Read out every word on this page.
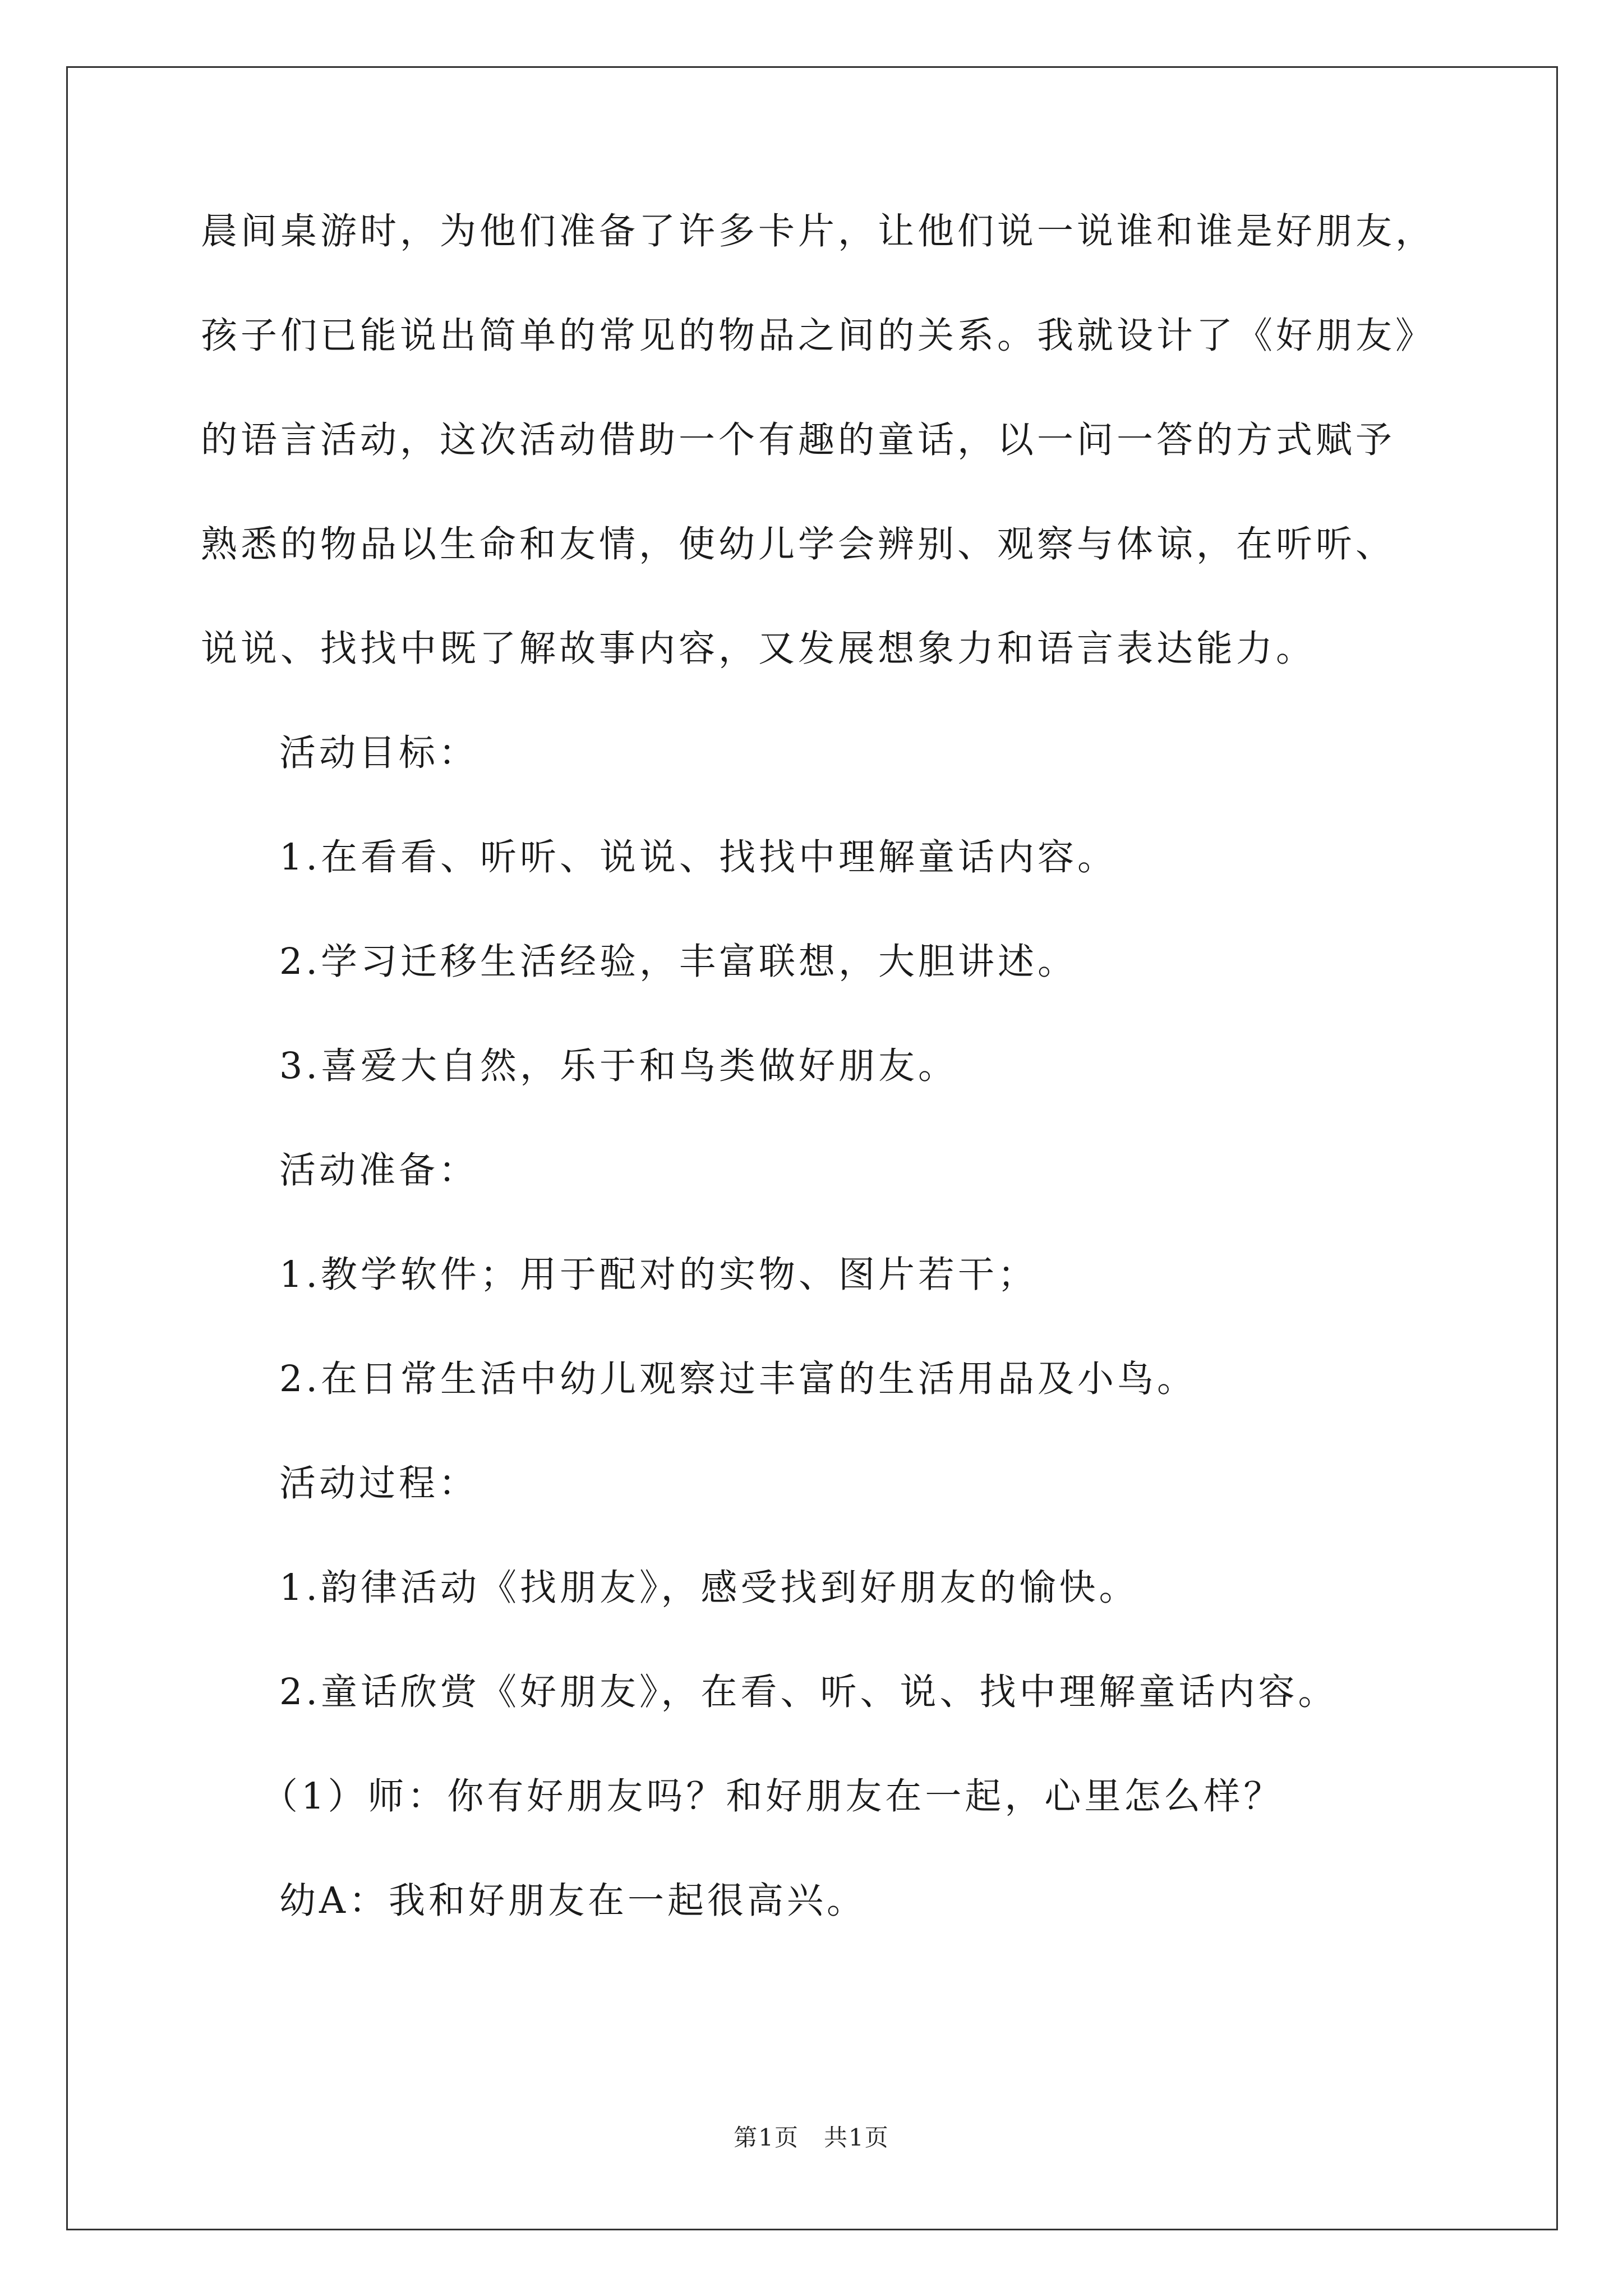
晨间桌游时，为他们准备了许多卡片，让他们说一说谁和谁是好朋友，
孩子们已能说出简单的常见的物品之间的关系。我就设计了《好朋友》
的语言活动，这次活动借助一个有趣的童话，以一问一答的方式赋予
熟悉的物品以生命和友情，使幼儿学会辨别、观察与体谅，在听听、
说说、找找中既了解故事内容，又发展想象力和语言表达能力。
活动目标：
1.在看看、听听、说说、找找中理解童话内容。
2.学习迁移生活经验，丰富联想，大胆讲述。
3.喜爱大自然，乐于和鸟类做好朋友。
活动准备：
1.教学软件；用于配对的实物、图片若干；
2.在日常生活中幼儿观察过丰富的生活用品及小鸟。
活动过程：
1.韵律活动《找朋友》，感受找到好朋友的愉快。
2.童话欣赏《好朋友》，在看、听、说、找中理解童话内容。
（1）师：你有好朋友吗？和好朋友在一起，心里怎么样？
幼A：我和好朋友在一起很高兴。
第1页　共1页
